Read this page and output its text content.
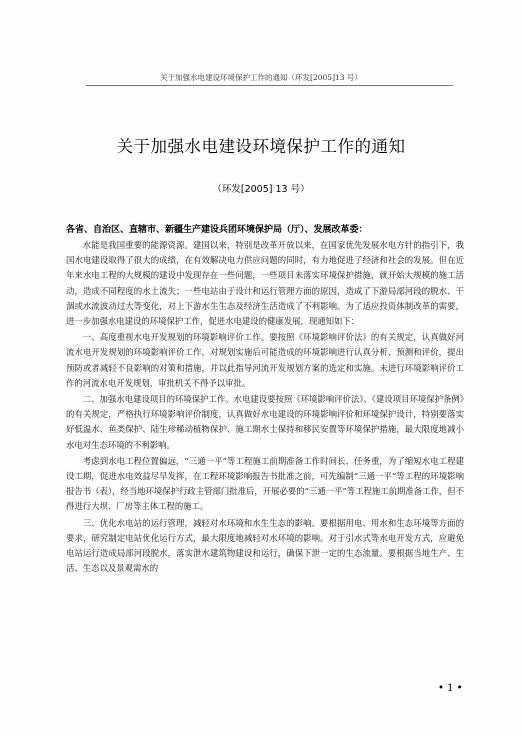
关于加强水电建设环境保护工作的通知（环发[2005]13 号）
关于加强水电建设环境保护工作的通知
（环发[2005] 13 号）
各省、自治区、直辖市、新疆生产建设兵团环境保护局（厅）、发展改革委：

水能是我国重要的能源资源。建国以来，特别是改革开放以来，在国家优先发展水电方针的指引下，我国水电建设取得了很大的成绩，在有效解决电力供应问题的同时，有力地促进了经济和社会的发展。但在近年来水电工程的大规模的建设中发现存在一些问题，一些项目未落实环境保护措施，就开始大规模的施工活动，造成不同程度的水土流失；一些电站由于设计和运行管理方面的原因，造成了下游局部河段的脱水、干涸或水流波动过大等变化，对上下游水生生态及经济生活造成了不利影响。为了适应投资体制改革的需要，进一步加强水电建设的环境保护工作，促进水电建设的健康发展，现通知如下：

一、高度重视水电开发规划的环境影响评价工作。要按照《环境影响评价法》的有关规定，认真做好河流水电开发规划的环境影响评价工作，对规划实施后可能造成的环境影响进行认真分析、预测和评价，提出预防或者减轻不良影响的对策和措施，并以此指导河流开发规划方案的选定和实施。未进行环境影响评价工作的河流水电开发规划，审批机关不得予以审批。

二、加强水电建设项目的环境保护工作。水电建设要按照《环境影响评价法》、《建设项目环境保护条例》的有关规定，严格执行环境影响评价制度，认真做好水电建设的环境影响评价和环境保护设计，特别要落实好低温水、鱼类保护、陆生珍稀动植物保护、施工期水土保持和移民安置等环境保护措施，最大限度地减小水电对生态环境的不利影响。

考虑到水电工程位置偏远，“三通一平”等工程施工前期准备工作时间长、任务重，为了缩短水电工程建设工期，促进水电效益尽早发挥，在工程环境影响报告书批准之前，可先编制“三通一平”等工程的环境影响报告书（表），经当地环境保护行政主管部门批准后，开展必要的“三通一平”等工程施工前期准备工作，但不得进行大坝、厂房等主体工程的施工。

三、优化水电站的运行管理，减轻对水环境和水生生态的影响。要根据用电、用水和生态环境等方面的要求，研究制定电站优化运行方式，最大限度地减轻对水环境的影响。对于引水式等水电开发方式，应避免电站运行造成局部河段脱水，落实泄水建筑物建设和运行，确保下泄一定的生态流量。要根据当地生产、生活、生态以及景观需水的

• 1 •
